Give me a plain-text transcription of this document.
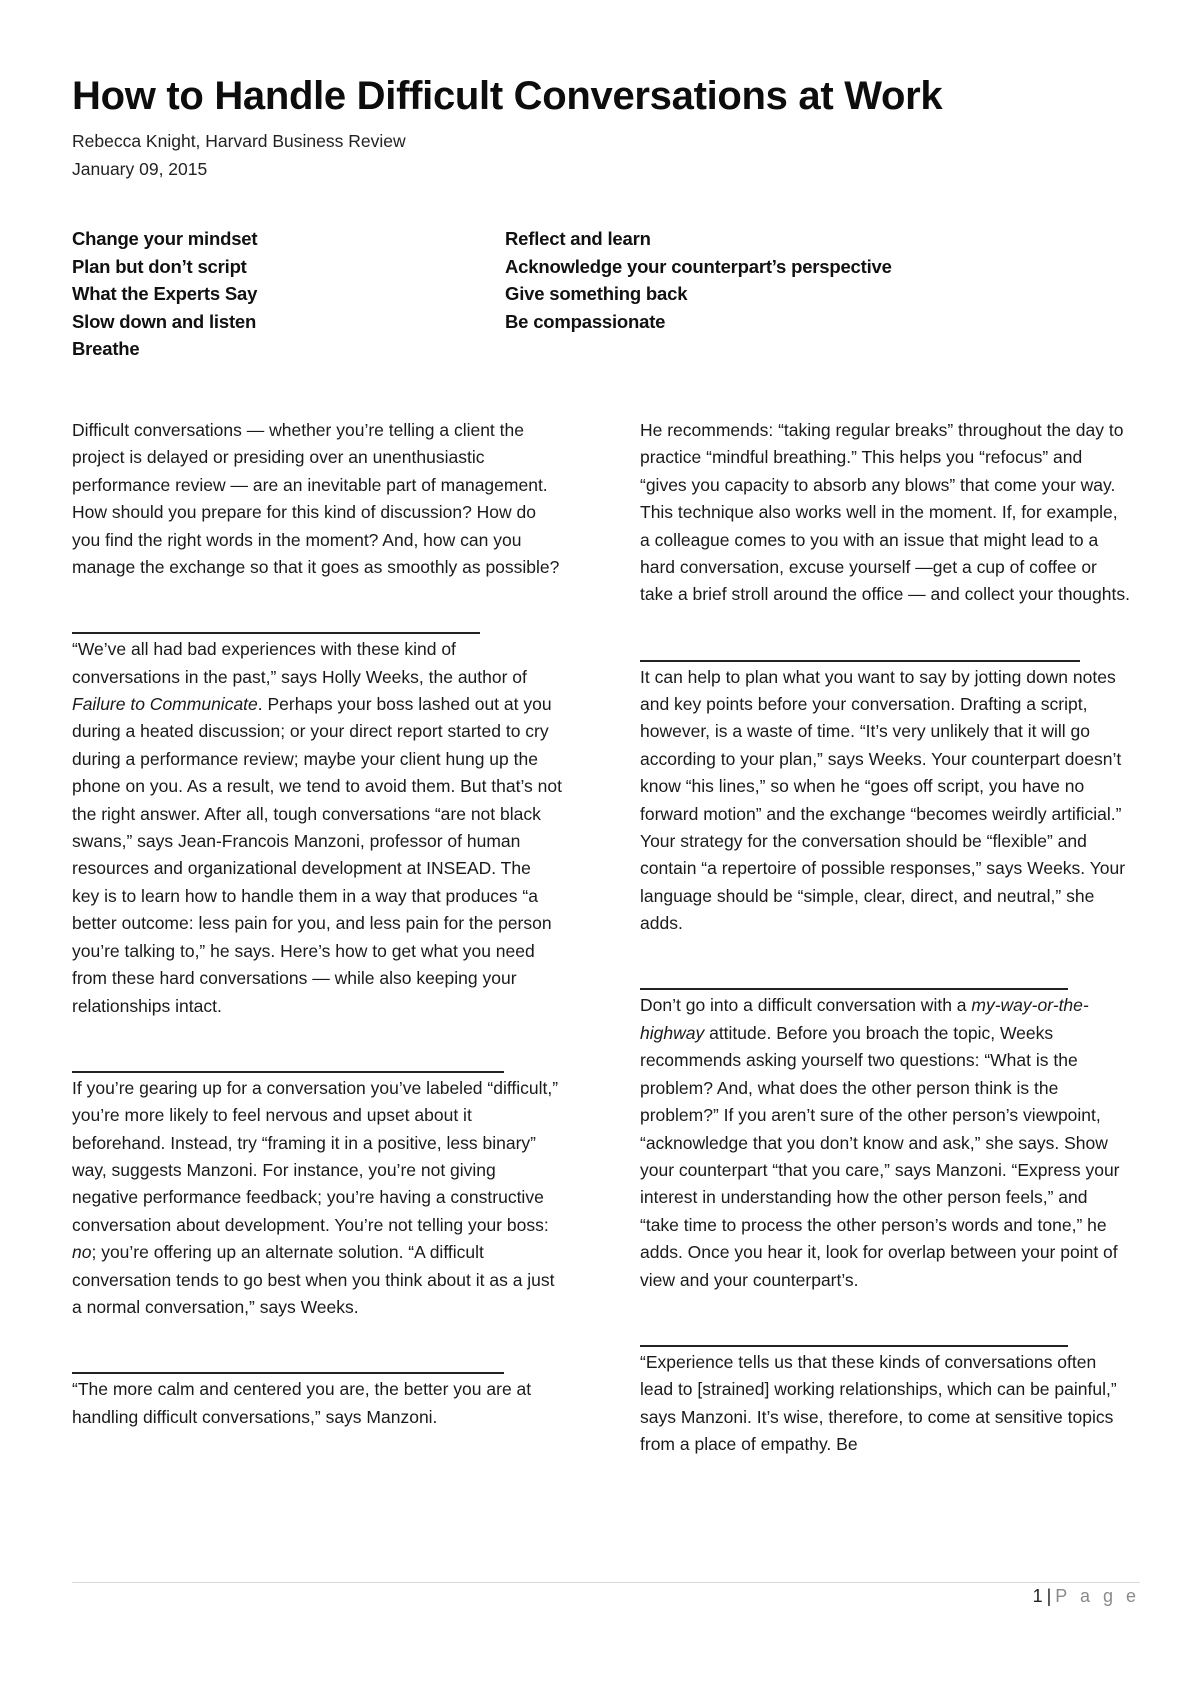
How to Handle Difficult Conversations at Work
Rebecca Knight, Harvard Business Review
January 09, 2015
Change your mindset
Plan but don’t script
What the Experts Say
Slow down and listen
Breathe
Reflect and learn
Acknowledge your counterpart’s perspective
Give something back
Be compassionate

Difficult conversations — whether you’re telling a client the project is delayed or presiding over an unenthusiastic performance review — are an inevitable part of management. How should you prepare for this kind of discussion? How do you find the right words in the moment? And, how can you manage the exchange so that it goes as smoothly as possible?

“We’ve all had bad experiences with these kind of conversations in the past,” says Holly Weeks, the author of Failure to Communicate. Perhaps your boss lashed out at you during a heated discussion; or your direct report started to cry during a performance review; maybe your client hung up the phone on you. As a result, we tend to avoid them. But that’s not the right answer. After all, tough conversations “are not black swans,” says Jean-Francois Manzoni, professor of human resources and organizational development at INSEAD. The key is to learn how to handle them in a way that produces “a better outcome: less pain for you, and less pain for the person you’re talking to,” he says. Here’s how to get what you need from these hard conversations — while also keeping your relationships intact.

If you’re gearing up for a conversation you’ve labeled “difficult,” you’re more likely to feel nervous and upset about it beforehand. Instead, try “framing it in a positive, less binary” way, suggests Manzoni. For instance, you’re not giving negative performance feedback; you’re having a constructive conversation about development. You’re not telling your boss: no; you’re offering up an alternate solution. “A difficult conversation tends to go best when you think about it as a just a normal conversation,” says Weeks.

“The more calm and centered you are, the better you are at handling difficult conversations,” says Manzoni.

He recommends: “taking regular breaks” throughout the day to practice “mindful breathing.” This helps you “refocus” and “gives you capacity to absorb any blows” that come your way. This technique also works well in the moment. If, for example, a colleague comes to you with an issue that might lead to a hard conversation, excuse yourself —get a cup of coffee or take a brief stroll around the office — and collect your thoughts.

It can help to plan what you want to say by jotting down notes and key points before your conversation. Drafting a script, however, is a waste of time. “It’s very unlikely that it will go according to your plan,” says Weeks. Your counterpart doesn’t know “his lines,” so when he “goes off script, you have no forward motion” and the exchange “becomes weirdly artificial.” Your strategy for the conversation should be “flexible” and contain “a repertoire of possible responses,” says Weeks. Your language should be “simple, clear, direct, and neutral,” she adds.

Don’t go into a difficult conversation with a my-way-or-the-highway attitude. Before you broach the topic, Weeks recommends asking yourself two questions: “What is the problem? And, what does the other person think is the problem?” If you aren’t sure of the other person’s viewpoint, “acknowledge that you don’t know and ask,” she says. Show your counterpart “that you care,” says Manzoni. “Express your interest in understanding how the other person feels,” and “take time to process the other person’s words and tone,” he adds. Once you hear it, look for overlap between your point of view and your counterpart’s.

“Experience tells us that these kinds of conversations often lead to [strained] working relationships, which can be painful,” says Manzoni. It’s wise, therefore, to come at sensitive topics from a place of empathy. Be

1 | P a g e
